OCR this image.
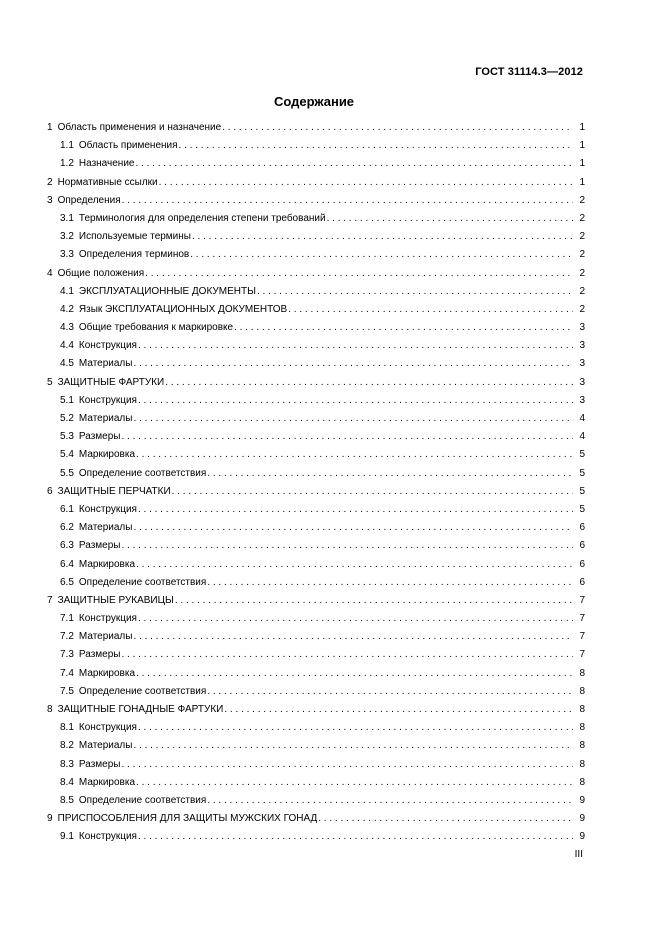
ГОСТ 31114.3—2012
Содержание
1 Область применения и назначение . . .	1
1.1 Область применения . . .	1
1.2 Назначение . . .	1
2 Нормативные ссылки . . .	1
3 Определения . . .	2
3.1 Терминология для определения степени требований . . .	2
3.2 Используемые термины . . .	2
3.3 Определения терминов . . .	2
4 Общие положения . . .	2
4.1 ЭКСПЛУАТАЦИОННЫЕ ДОКУМЕНТЫ . . .	2
4.2 Язык ЭКСПЛУАТАЦИОННЫХ ДОКУМЕНТОВ . . .	2
4.3 Общие требования к маркировке . . .	3
4.4 Конструкция . . .	3
4.5 Материалы . . .	3
5 ЗАЩИТНЫЕ ФАРТУКИ . . .	3
5.1 Конструкция . . .	3
5.2 Материалы . . .	4
5.3 Размеры . . .	4
5.4 Маркировка . . .	5
5.5 Определение соответствия . . .	5
6 ЗАЩИТНЫЕ ПЕРЧАТКИ . . .	5
6.1 Конструкция . . .	5
6.2 Материалы . . .	6
6.3 Размеры . . .	6
6.4 Маркировка . . .	6
6.5 Определение соответствия . . .	6
7 ЗАЩИТНЫЕ РУКАВИЦЫ . . .	7
7.1 Конструкция . . .	7
7.2 Материалы . . .	7
7.3 Размеры . . .	7
7.4 Маркировка . . .	8
7.5 Определение соответствия . . .	8
8 ЗАЩИТНЫЕ ГОНАДНЫЕ ФАРТУКИ . . .	8
8.1 Конструкция . . .	8
8.2 Материалы . . .	8
8.3 Размеры . . .	8
8.4 Маркировка . . .	8
8.5 Определение соответствия . . .	9
9 ПРИСПОСОБЛЕНИЯ ДЛЯ ЗАЩИТЫ МУЖСКИХ ГОНАД . . .	9
9.1 Конструкция . . .	9
III
